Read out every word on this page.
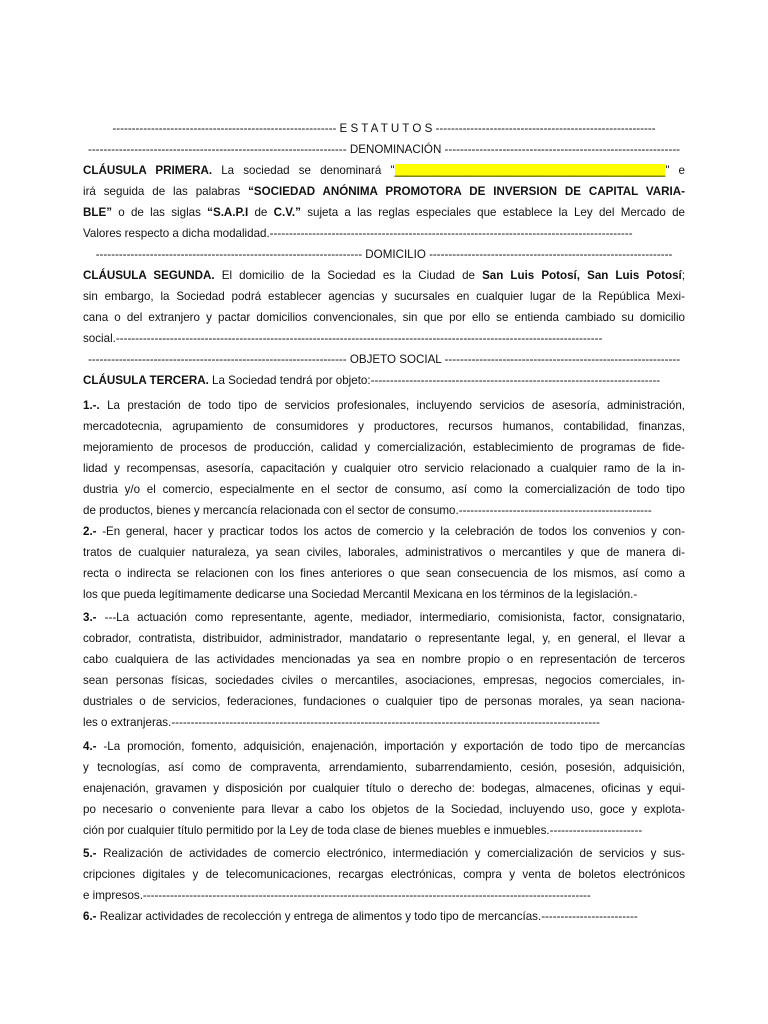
---------------------------------------------------------- E S T A T U T O S ---------------------------------------------------------
------------------------------------------------------------------- DENOMINACIÓN -------------------------------------------------------------
CLÁUSULA PRIMERA. La sociedad se denominará "__________________________________________" e
irá seguida de las palabras “SOCIEDAD ANÓNIMA PROMOTORA DE INVERSION DE CAPITAL VARIA-
BLE” o de las siglas “S.A.P.I de C.V.” sujeta a las reglas especiales que establece la Ley del Mercado de
Valores respecto a dicha modalidad.----------------------------------------------------------------------------------------------
--------------------------------------------------------------------- DOMICILIO ---------------------------------------------------------------
CLÁUSULA SEGUNDA. El domicilio de la Sociedad es la Ciudad de San Luis Potosí, San Luis Potosí;
sin embargo, la Sociedad podrá establecer agencias y sucursales en cualquier lugar de la República Mexi-
cana o del extranjero y pactar domicilios convencionales, sin que por ello se entienda cambiado su domicilio
social.------------------------------------------------------------------------------------------------------------------------------
------------------------------------------------------------------- OBJETO SOCIAL -------------------------------------------------------------
CLÁUSULA TERCERA. La Sociedad tendrá por objeto:---------------------------------------------------------------------------
1.-. La prestación de todo tipo de servicios profesionales, incluyendo servicios de asesoría, administración,
mercadotecnia, agrupamiento de consumidores y productores, recursos humanos, contabilidad, finanzas,
mejoramiento de procesos de producción, calidad y comercialización, establecimiento de programas de fide-
lidad y recompensas, asesoría, capacitación y cualquier otro servicio relacionado a cualquier ramo de la in-
dustria y/o el comercio, especialmente en el sector de consumo, así como la comercialización de todo tipo
de productos, bienes y mercancía relacionada con el sector de consumo.--------------------------------------------------
2.- -En general, hacer y practicar todos los actos de comercio y la celebración de todos los convenios y con-
tratos de cualquier naturaleza, ya sean civiles, laborales, administrativos o mercantiles y que de manera di-
recta o indirecta se relacionen con los fines anteriores o que sean consecuencia de los mismos, así como a
los que pueda legítimamente dedicarse una Sociedad Mercantil Mexicana en los términos de la legislación.-
3.- ---La actuación como representante, agente, mediador, intermediario, comisionista, factor, consignatario,
cobrador, contratista, distribuidor, administrador, mandatario o representante legal, y, en general, el llevar a
cabo cualquiera de las actividades mencionadas ya sea en nombre propio o en representación de terceros
sean personas físicas, sociedades civiles o mercantiles, asociaciones, empresas, negocios comerciales, in-
dustriales o de servicios, federaciones, fundaciones o cualquier tipo de personas morales, ya sean naciona-
les o extranjeras.---------------------------------------------------------------------------------------------------------------
4.- -La promoción, fomento, adquisición, enajenación, importación y exportación de todo tipo de mercancías
y tecnologías, así como de compraventa, arrendamiento, subarrendamiento, cesión, posesión, adquisición,
enajenación, gravamen y disposición por cualquier título o derecho de: bodegas, almacenes, oficinas y equi-
po necesario o conveniente para llevar a cabo los objetos de la Sociedad, incluyendo uso, goce y explota-
ción por cualquier título permitido por la Ley de toda clase de bienes muebles e inmuebles.------------------------
5.- Realización de actividades de comercio electrónico, intermediación y comercialización de servicios y sus-
cripciones digitales y de telecomunicaciones, recargas electrónicas, compra y venta de boletos electrónicos
e impresos.--------------------------------------------------------------------------------------------------------------------
6.- Realizar actividades de recolección y entrega de alimentos y todo tipo de mercancías.-------------------------
